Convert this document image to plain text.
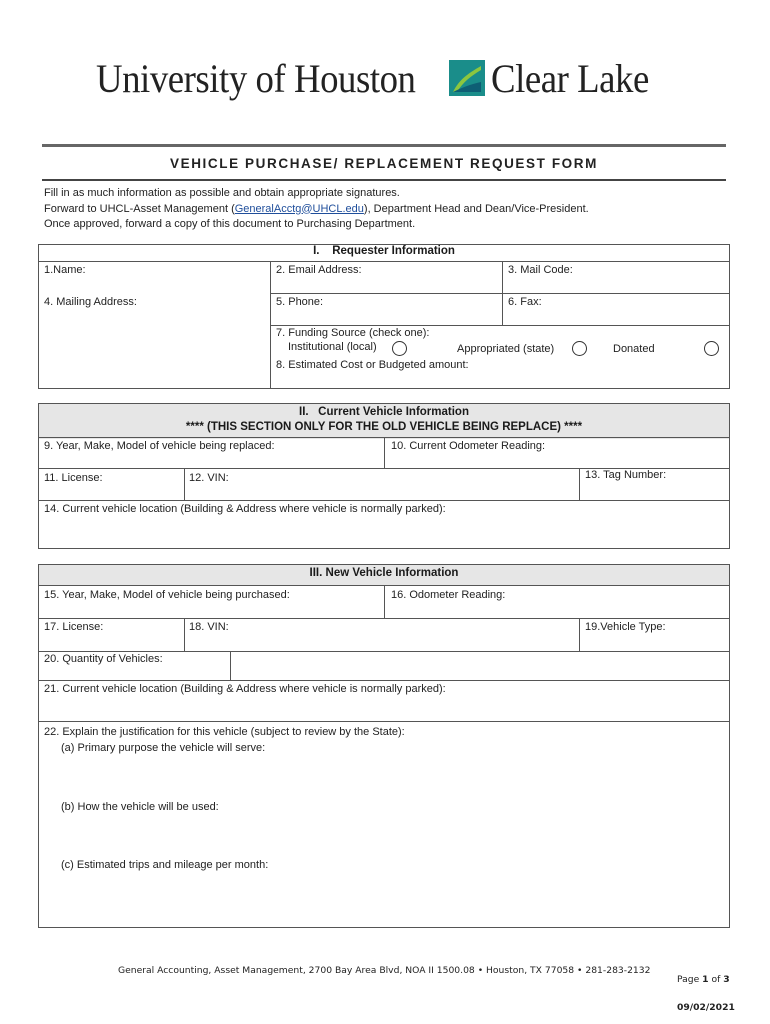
University of Houston Clear Lake
VEHICLE PURCHASE/ REPLACEMENT REQUEST FORM
Fill in as much information as possible and obtain appropriate signatures.
Forward to UHCL-Asset Management (GeneralAcctg@UHCL.edu), Department Head and Dean/Vice-President.
Once approved, forward a copy of this document to Purchasing Department.
I.    Requester Information
1.Name:	2. Email Address:	3. Mail Code:
4. Mailing Address:	5. Phone:	6. Fax:
7. Funding Source (check one):
Institutional (local)	Appropriated (state)	Donated
8. Estimated Cost or Budgeted amount:
II.   Current Vehicle Information
**** (THIS SECTION ONLY FOR THE OLD VEHICLE BEING REPLACE) ****
9. Year, Make, Model of vehicle being replaced:	10. Current Odometer Reading:
11. License:	12. VIN:	13. Tag Number:
14. Current vehicle location (Building & Address where vehicle is normally parked):
III. New Vehicle Information
15. Year, Make, Model of vehicle being purchased:	16. Odometer Reading:
17. License:	18. VIN:	19.Vehicle Type:
20. Quantity of Vehicles:
21. Current vehicle location (Building & Address where vehicle is normally parked):
22. Explain the justification for this vehicle (subject to review by the State):
(a) Primary purpose the vehicle will serve:
(b) How the vehicle will be used:
(c) Estimated trips and mileage per month:
General Accounting, Asset Management, 2700 Bay Area Blvd, NOA II 1500.08 • Houston, TX 77058 • 281-283-2132
Page 1 of 3
09/02/2021
